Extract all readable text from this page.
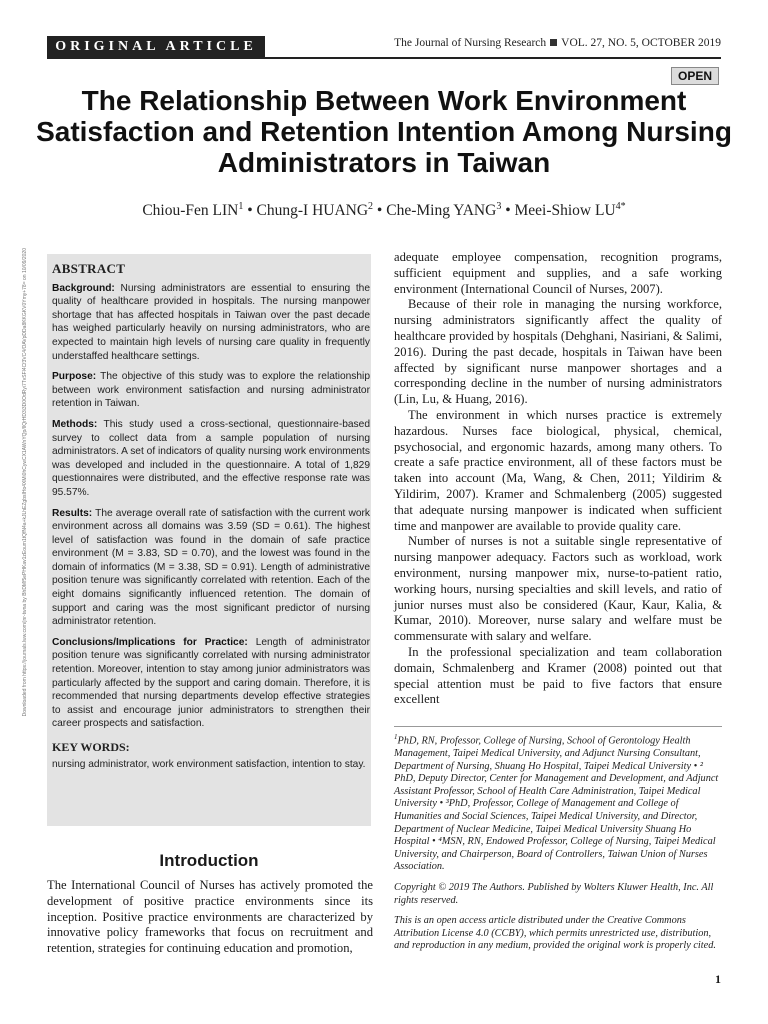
ORIGINAL ARTICLE	The Journal of Nursing Research VOL. 27, NO. 5, OCTOBER 2019
OPEN
The Relationship Between Work Environment Satisfaction and Retention Intention Among Nursing Administrators in Taiwan
Chiou-Fen LIN$^1$ • Chung-I HUANG$^2$ • Che-Ming YANG$^3$ • Meei-Shiow $LU^{4*}$
Downloaded from https://journals.lww.com/jnr-twna by BhDMf5ePHKav1zEoum1tQfN4a+kJLhEZgbsIHo4XMi0hCywCX1AWnYQp/IlQrHD3i3D0OdRyi7TvSFl4Cf3VC4/OAVpDDa8KKGKV0Ymy+78= on 10/09/2020 ABSTRACT

Background: Nursing administrators are essential to ensuring the quality of healthcare provided in hospitals. The nursing manpower shortage that has affected hospitals in Taiwan over the past decade has weighed particularly heavily on nursing administrators, who are expected to maintain high levels of nursing care quality in frequently understaffed healthcare settings.

Purpose: The objective of this study was to explore the relationship between work environment satisfaction and nursing administrator retention in Taiwan.

Methods: This study used a cross-sectional, questionnaire-based survey to collect data from a sample population of nursing administrators. A set of indicators of quality nursing work environments was developed and included in the questionnaire. A total of 1,829 questionnaires were distributed, and the effective response rate was 95.57%.

Results: The average overall rate of satisfaction with the current work environment across all domains was 3.59 (SD = 0.61). The highest level of satisfaction was found in the domain of safe practice environment (M = 3.83, SD = 0.70), and the lowest was found in the domain of informatics (M = 3.38, SD = 0.91). Length of administrative position tenure was significantly correlated with retention. Each of the eight domains significantly influenced retention. The domain of support and caring was the most significant predictor of nursing administrator retention.

Conclusions/Implications for Practice: Length of administrator position tenure was significantly correlated with nursing administrator retention. Moreover, intention to stay among junior administrators was particularly affected by the support and caring domain. Therefore, it is recommended that nursing departments develop effective strategies to assist and encourage junior administrators to strengthen their career prospects and satisfaction.

KEY WORDS:
nursing administrator, work environment satisfaction, intention to stay.
Introduction

The International Council of Nurses has actively promoted the development of positive practice environments since its inception. Positive practice environments are characterized by innovative policy frameworks that focus on recruitment and retention, strategies for continuing education and promotion,

adequate employee compensation, recognition programs, sufficient equipment and supplies, and a safe working environment (International Council of Nurses, 2007).

Because of their role in managing the nursing workforce, nursing administrators significantly affect the quality of healthcare provided by hospitals (Dehghani, Nasiriani, & Salimi, 2016). During the past decade, hospitals in Taiwan have been affected by significant nurse manpower shortages and a corresponding decline in the number of nursing administrators (Lin, Lu, & Huang, 2016).

The environment in which nurses practice is extremely hazardous. Nurses face biological, physical, chemical, psychosocial, and ergonomic hazards, among many others. To create a safe practice environment, all of these factors must be taken into account (Ma, Wang, & Chen, 2011; Yildirim & Yildirim, 2007). Kramer and Schmalenberg (2005) suggested that adequate nursing manpower is indicated when sufficient time and manpower are available to provide quality care.

Number of nurses is not a suitable single representative of nursing manpower adequacy. Factors such as workload, work environment, nursing manpower mix, nurse-to-patient ratio, working hours, nursing specialties and skill levels, and ratio of junior nurses must also be considered (Kaur, Kaur, Kalia, & Kumar, 2010). Moreover, nurse salary and welfare must be commensurate with salary and welfare.

In the professional specialization and team collaboration domain, Schmalenberg and Kramer (2008) pointed out that special attention must be paid to five factors that ensure excellent

$^1$PhD, RN, Professor, College of Nursing, School of Gerontology Health Management, Taipei Medical University, and Adjunct Nursing Consultant, Department of Nursing, Shuang Ho Hospital, Taipei Medical University • ² PhD, Deputy Director, Center for Management and Development, and Adjunct Assistant Professor, School of Health Care Administration, Taipei Medical University • ³PhD, Professor, College of Management and College of Humanities and Social Sciences, Taipei Medical University, and Director, Department of Nuclear Medicine, Taipei Medical University Shuang Ho Hospital • ⁴MSN, RN, Endowed Professor, College of Nursing, Taipei Medical University, and Chairperson, Board of Controllers, Taiwan Union of Nurses Association.

Copyright © 2019 The Authors. Published by Wolters Kluwer Health, Inc. All rights reserved.

This is an open access article distributed under the Creative Commons Attribution License 4.0 (CCBY), which permits unrestricted use, distribution, and reproduction in any medium, provided the original work is properly cited.

1
